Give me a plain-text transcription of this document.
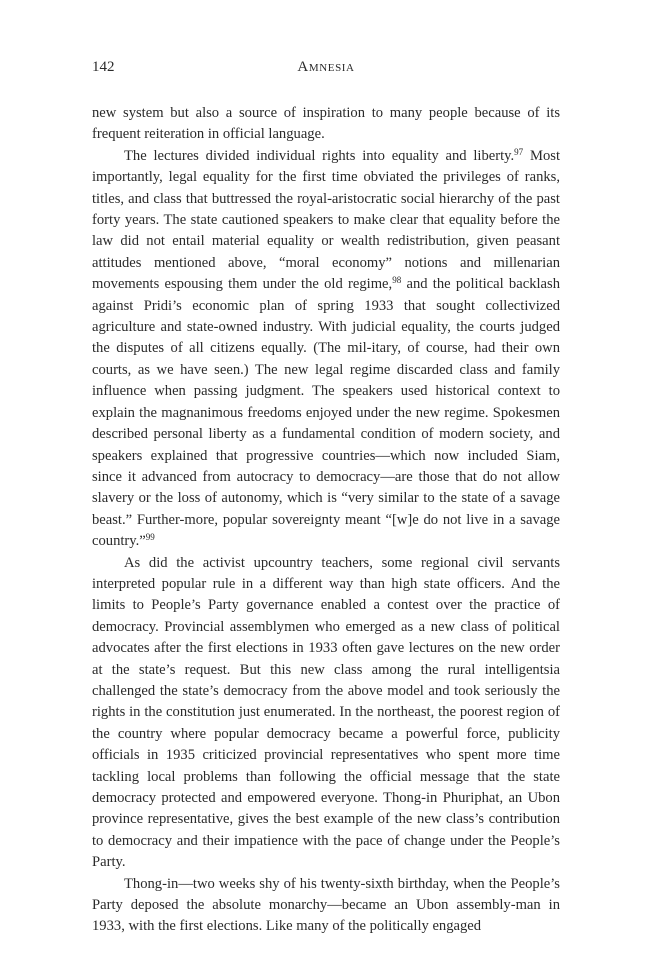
142	Amnesia

new system but also a source of inspiration to many people because of its frequent reiteration in official language.

The lectures divided individual rights into equality and liberty.$^{97}$ Most importantly, legal equality for the first time obviated the privileges of ranks, titles, and class that buttressed the royal-aristocratic social hierarchy of the past forty years. The state cautioned speakers to make clear that equality before the law did not entail material equality or wealth redistribution, given peasant attitudes mentioned above, “moral economy” notions and millenarian movements espousing them under the old regime,$^{98}$ and the political backlash against Pridi’s economic plan of spring 1933 that sought collectivized agriculture and state-owned industry. With judicial equality, the courts judged the disputes of all citizens equally. (The mil-itary, of course, had their own courts, as we have seen.) The new legal regime discarded class and family influence when passing judgment. The speakers used historical context to explain the magnanimous freedoms enjoyed under the new regime. Spokesmen described personal liberty as a fundamental condition of modern society, and speakers explained that progressive countries—which now included Siam, since it advanced from autocracy to democracy—are those that do not allow slavery or the loss of autonomy, which is “very similar to the state of a savage beast.” Further-more, popular sovereignty meant “[w]e do not live in a savage country.”$^{99}$

As did the activist upcountry teachers, some regional civil servants interpreted popular rule in a different way than high state officers. And the limits to People’s Party governance enabled a contest over the practice of democracy. Provincial assemblymen who emerged as a new class of political advocates after the first elections in 1933 often gave lectures on the new order at the state’s request. But this new class among the rural intelligentsia challenged the state’s democracy from the above model and took seriously the rights in the constitution just enumerated. In the northeast, the poorest region of the country where popular democracy became a powerful force, publicity officials in 1935 criticized provincial representatives who spent more time tackling local problems than following the official message that the state democracy protected and empowered everyone. Thong-in Phuriphat, an Ubon province representative, gives the best example of the new class’s contribution to democracy and their impatience with the pace of change under the People’s Party.

Thong-in—two weeks shy of his twenty-sixth birthday, when the People’s Party deposed the absolute monarchy—became an Ubon assembly-man in 1933, with the first elections. Like many of the politically engaged
